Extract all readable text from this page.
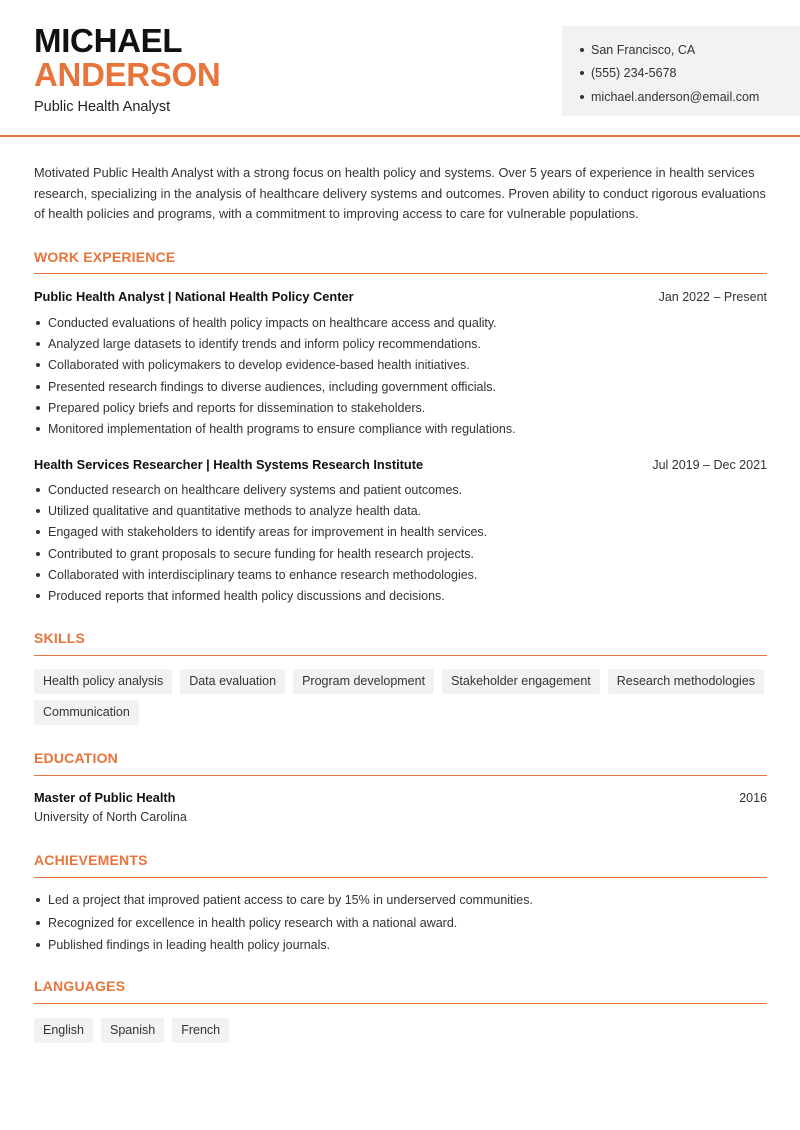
MICHAEL
ANDERSON
Public Health Analyst
San Francisco, CA
(555) 234-5678
michael.anderson@email.com

Motivated Public Health Analyst with a strong focus on health policy and systems. Over 5 years of experience in health services research, specializing in the analysis of healthcare delivery systems and outcomes. Proven ability to conduct rigorous evaluations of health policies and programs, with a commitment to improving access to care for vulnerable populations.

WORK EXPERIENCE
Public Health Analyst | National Health Policy Center	Jan 2022 – Present
Conducted evaluations of health policy impacts on healthcare access and quality.
Analyzed large datasets to identify trends and inform policy recommendations.
Collaborated with policymakers to develop evidence-based health initiatives.
Presented research findings to diverse audiences, including government officials.
Prepared policy briefs and reports for dissemination to stakeholders.
Monitored implementation of health programs to ensure compliance with regulations.
Health Services Researcher | Health Systems Research Institute	Jul 2019 – Dec 2021
Conducted research on healthcare delivery systems and patient outcomes.
Utilized qualitative and quantitative methods to analyze health data.
Engaged with stakeholders to identify areas for improvement in health services.
Contributed to grant proposals to secure funding for health research projects.
Collaborated with interdisciplinary teams to enhance research methodologies.
Produced reports that informed health policy discussions and decisions.
SKILLS
Health policy analysis	Data evaluation	Program development	Stakeholder engagement	Research methodologies
Communication
EDUCATION
Master of Public Health	2016
University of North Carolina
ACHIEVEMENTS
Led a project that improved patient access to care by 15% in underserved communities.
Recognized for excellence in health policy research with a national award.
Published findings in leading health policy journals.
LANGUAGES
English	Spanish	French
